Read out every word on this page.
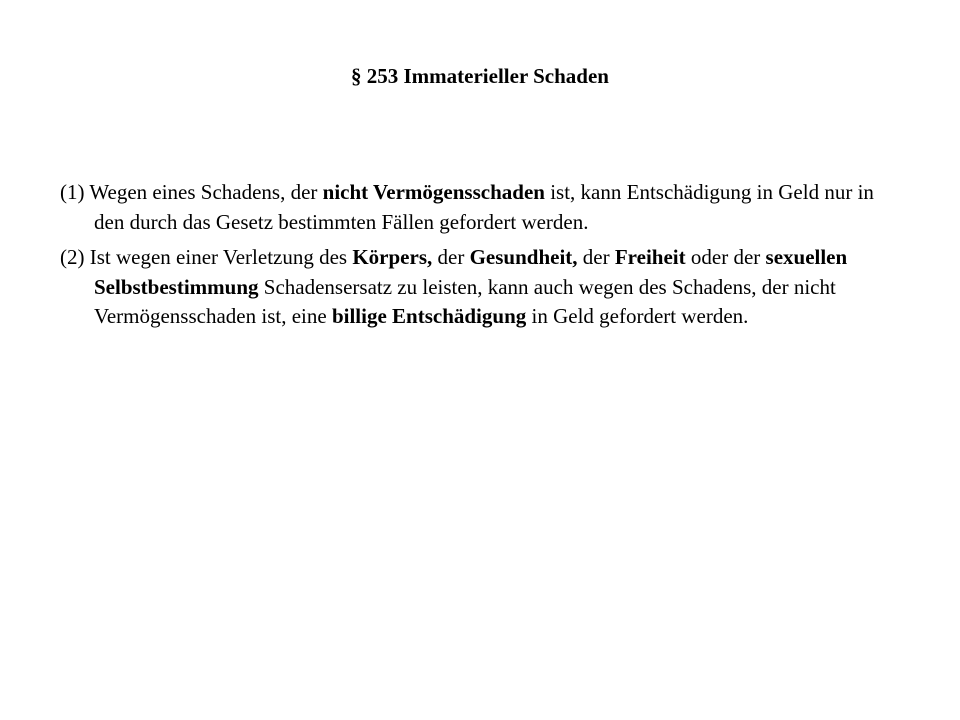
§ 253 Immaterieller Schaden

(1) Wegen eines Schadens, der nicht Vermögensschaden ist, kann Entschädigung in Geld nur in den durch das Gesetz bestimmten Fällen gefordert werden.

(2) Ist wegen einer Verletzung des Körpers, der Gesundheit, der Freiheit oder der sexuellen Selbstbestimmung Schadensersatz zu leisten, kann auch wegen des Schadens, der nicht Vermögensschaden ist, eine billige Entschädigung in Geld gefordert werden.
